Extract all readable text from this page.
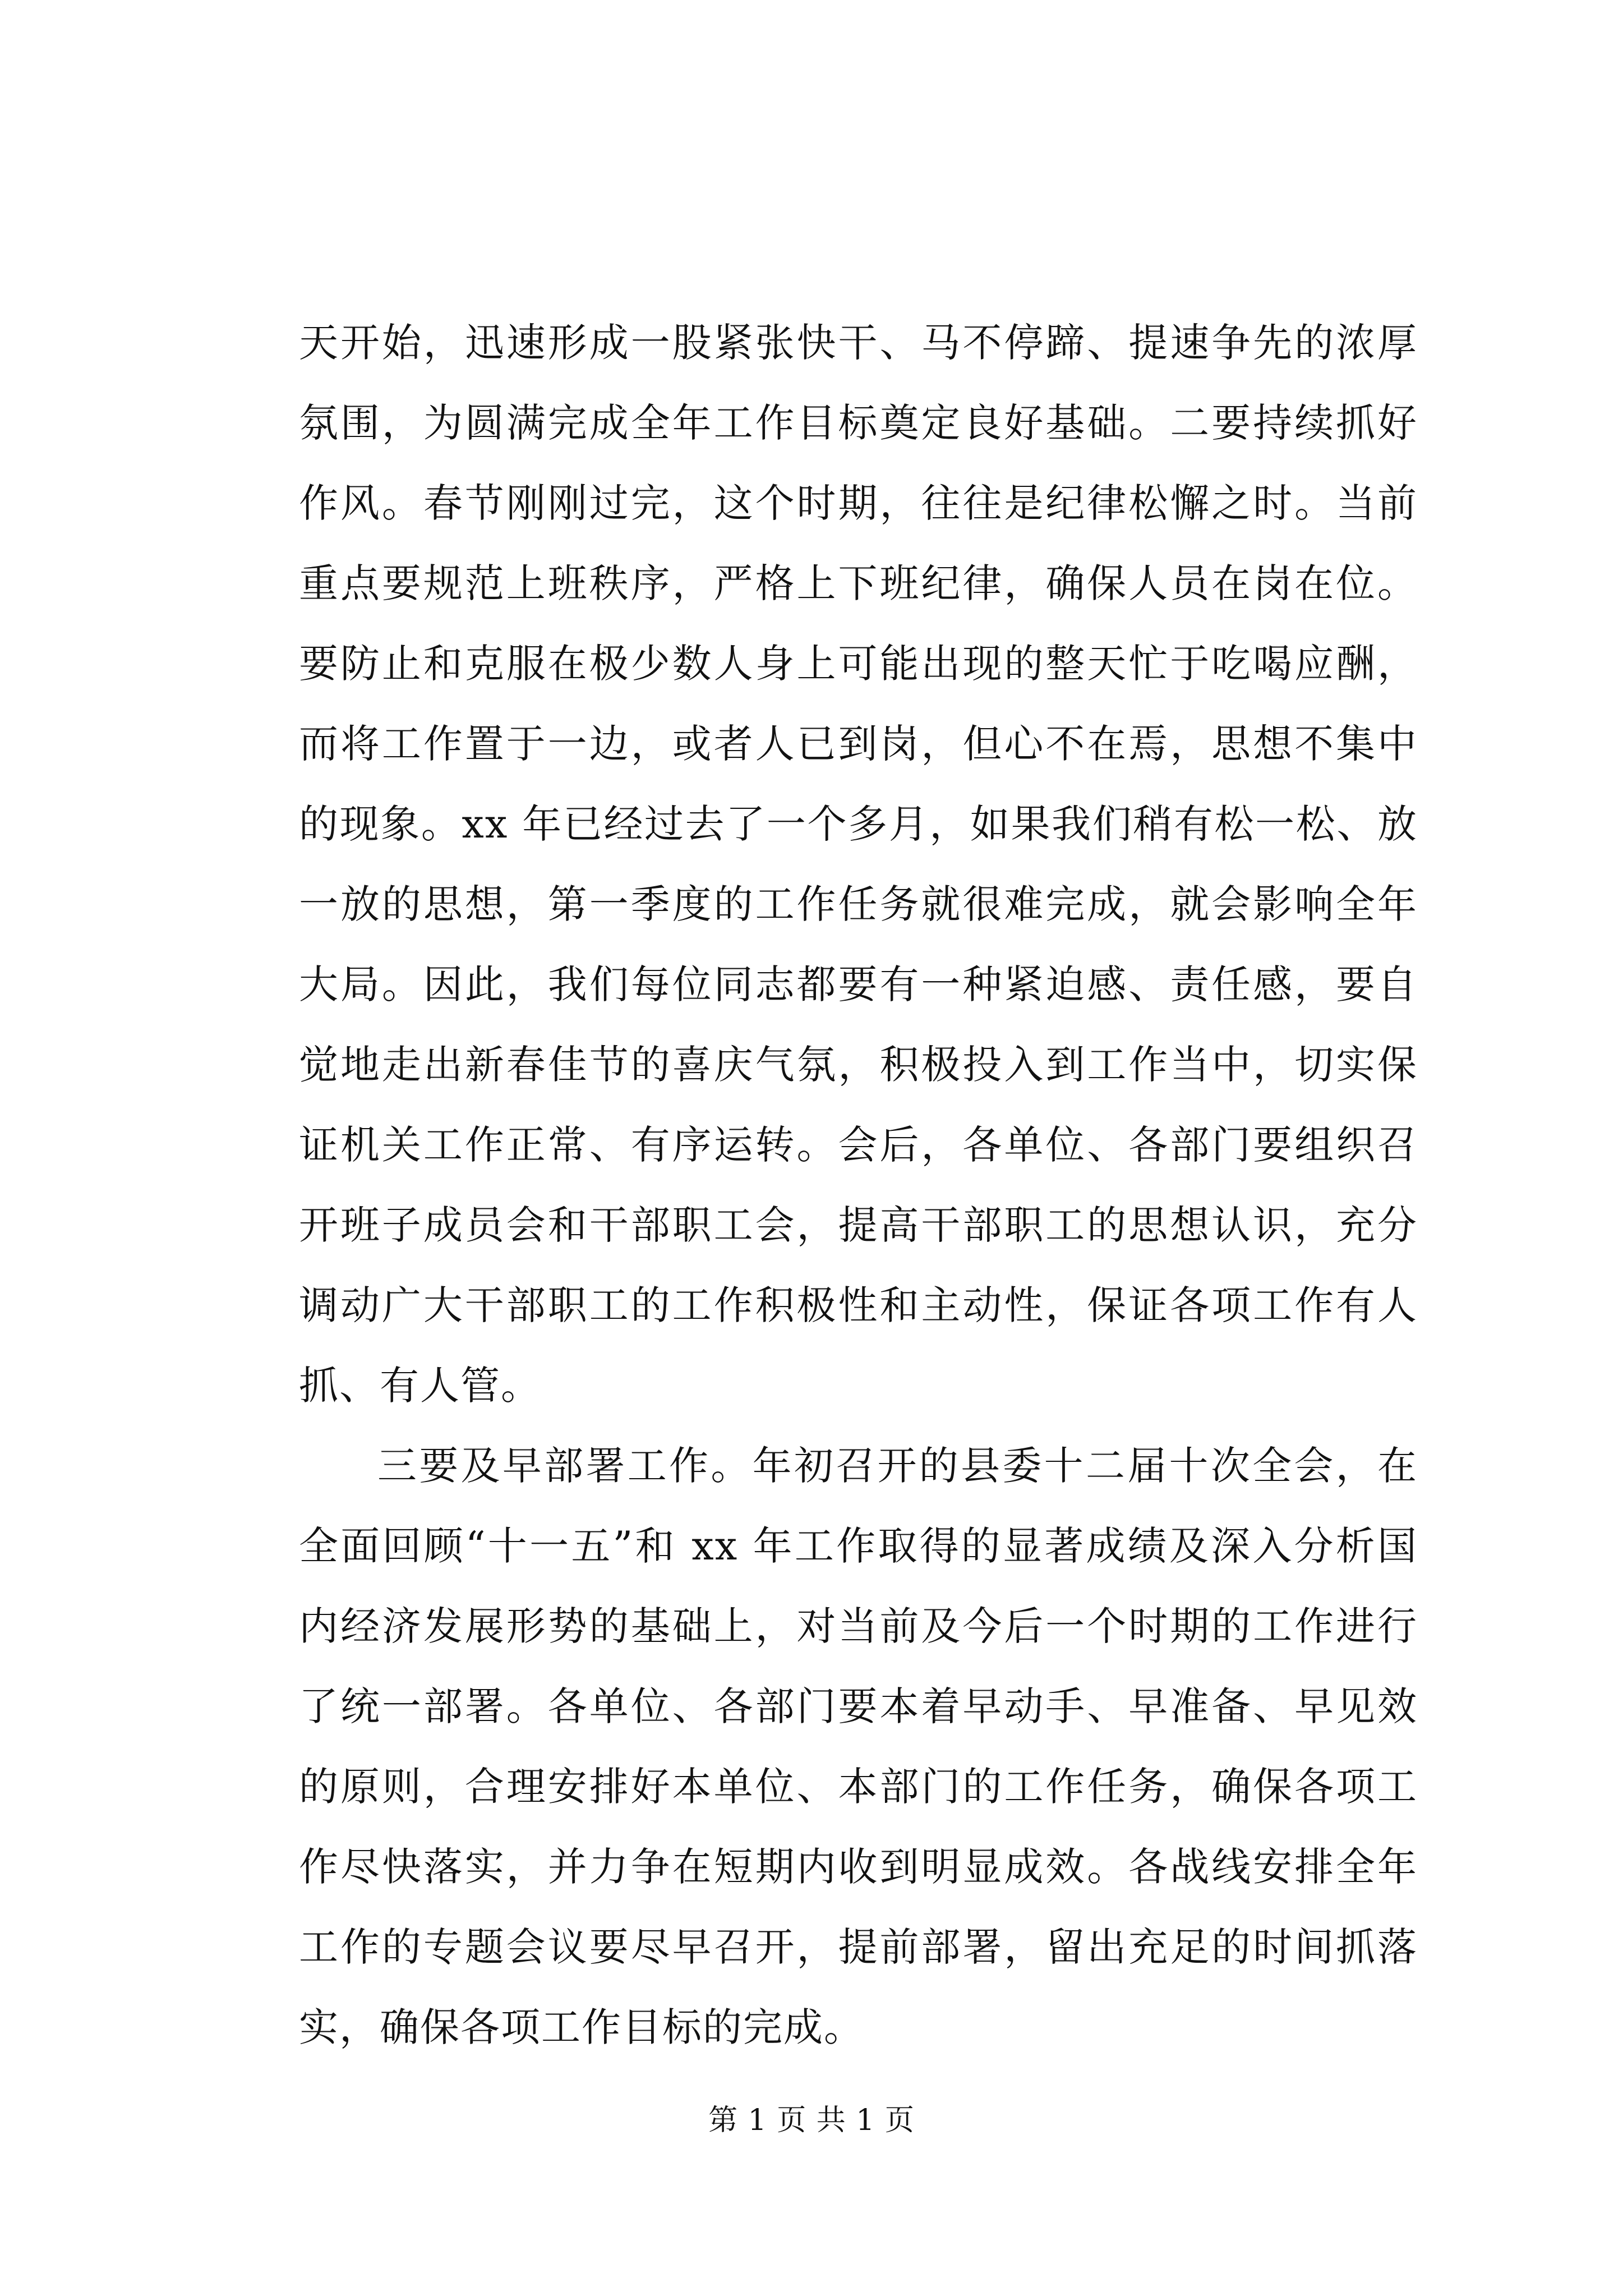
天开始，迅速形成一股紧张快干、马不停蹄、提速争先的浓厚氛围，为圆满完成全年工作目标奠定良好基础。二要持续抓好作风。春节刚刚过完，这个时期，往往是纪律松懈之时。当前重点要规范上班秩序，严格上下班纪律，确保人员在岗在位。要防止和克服在极少数人身上可能出现的整天忙于吃喝应酬，而将工作置于一边，或者人已到岗，但心不在焉，思想不集中的现象。xx 年已经过去了一个多月，如果我们稍有松一松、放一放的思想，第一季度的工作任务就很难完成，就会影响全年大局。因此，我们每位同志都要有一种紧迫感、责任感，要自觉地走出新春佳节的喜庆气氛，积极投入到工作当中，切实保证机关工作正常、有序运转。会后，各单位、各部门要组织召开班子成员会和干部职工会，提高干部职工的思想认识，充分调动广大干部职工的工作积极性和主动性，保证各项工作有人抓、有人管。

三要及早部署工作。年初召开的县委十二届十次全会，在全面回顾“十一五”和 xx 年工作取得的显著成绩及深入分析国内经济发展形势的基础上，对当前及今后一个时期的工作进行了统一部署。各单位、各部门要本着早动手、早准备、早见效的原则，合理安排好本单位、本部门的工作任务，确保各项工作尽快落实，并力争在短期内收到明显成效。各战线安排全年工作的专题会议要尽早召开，提前部署，留出充足的时间抓落实，确保各项工作目标的完成。

第 1 页 共 1 页
